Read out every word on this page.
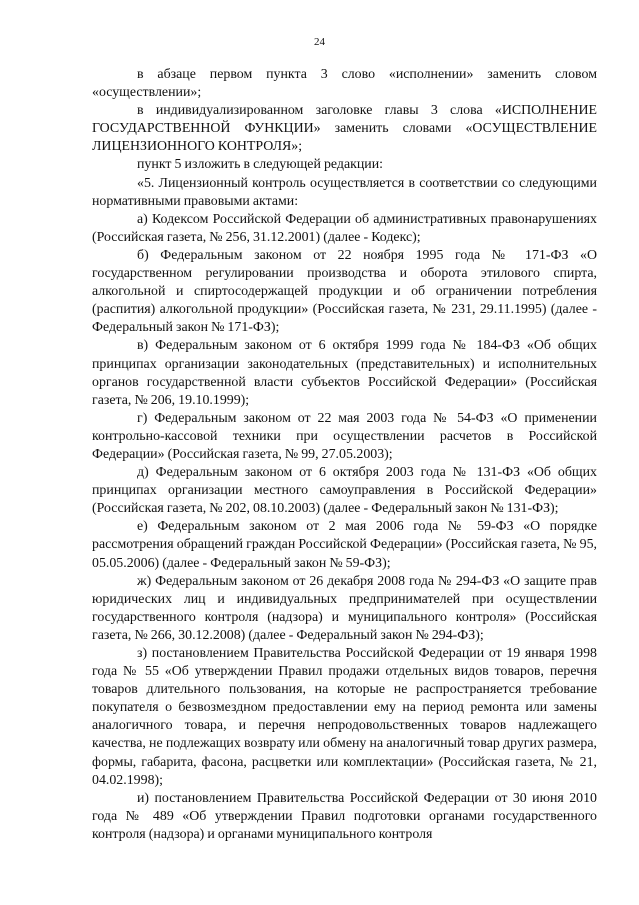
24

в абзаце первом пункта 3 слово «исполнении» заменить словом «осуществлении»;

в индивидуализированном заголовке главы 3 слова «ИСПОЛНЕНИЕ ГОСУДАРСТВЕННОЙ ФУНКЦИИ» заменить словами «ОСУЩЕСТВЛЕНИЕ ЛИЦЕНЗИОННОГО КОНТРОЛЯ»;

пункт 5 изложить в следующей редакции:

«5. Лицензионный контроль осуществляется в соответствии со следующими нормативными правовыми актами:

а) Кодексом Российской Федерации об административных правонарушениях (Российская газета, № 256, 31.12.2001) (далее - Кодекс);

б) Федеральным законом от 22 ноября 1995 года № 171-ФЗ «О государственном регулировании производства и оборота этилового спирта, алкогольной и спиртосодержащей продукции и об ограничении потребления (распития) алкогольной продукции» (Российская газета, № 231, 29.11.1995) (далее - Федеральный закон № 171-ФЗ);

в) Федеральным законом от 6 октября 1999 года № 184-ФЗ «Об общих принципах организации законодательных (представительных) и исполнительных органов государственной власти субъектов Российской Федерации» (Российская газета, № 206, 19.10.1999);

г) Федеральным законом от 22 мая 2003 года № 54-ФЗ «О применении контрольно-кассовой техники при осуществлении расчетов в Российской Федерации» (Российская газета, № 99, 27.05.2003);

д) Федеральным законом от 6 октября 2003 года № 131-ФЗ «Об общих принципах организации местного самоуправления в Российской Федерации» (Российская газета, № 202, 08.10.2003) (далее - Федеральный закон № 131-ФЗ);

е) Федеральным законом от 2 мая 2006 года № 59-ФЗ «О порядке рассмотрения обращений граждан Российской Федерации» (Российская газета, № 95, 05.05.2006) (далее - Федеральный закон № 59-ФЗ);

ж) Федеральным законом от 26 декабря 2008 года № 294-ФЗ «О защите прав юридических лиц и индивидуальных предпринимателей при осуществлении государственного контроля (надзора) и муниципального контроля» (Российская газета, № 266, 30.12.2008) (далее - Федеральный закон № 294-ФЗ);

з) постановлением Правительства Российской Федерации от 19 января 1998 года № 55 «Об утверждении Правил продажи отдельных видов товаров, перечня товаров длительного пользования, на которые не распространяется требование покупателя о безвозмездном предоставлении ему на период ремонта или замены аналогичного товара, и перечня непродовольственных товаров надлежащего качества, не подлежащих возврату или обмену на аналогичный товар других размера, формы, габарита, фасона, расцветки или комплектации» (Российская газета, № 21, 04.02.1998);

и) постановлением Правительства Российской Федерации от 30 июня 2010 года № 489 «Об утверждении Правил подготовки органами государственного контроля (надзора) и органами муниципального контроля
